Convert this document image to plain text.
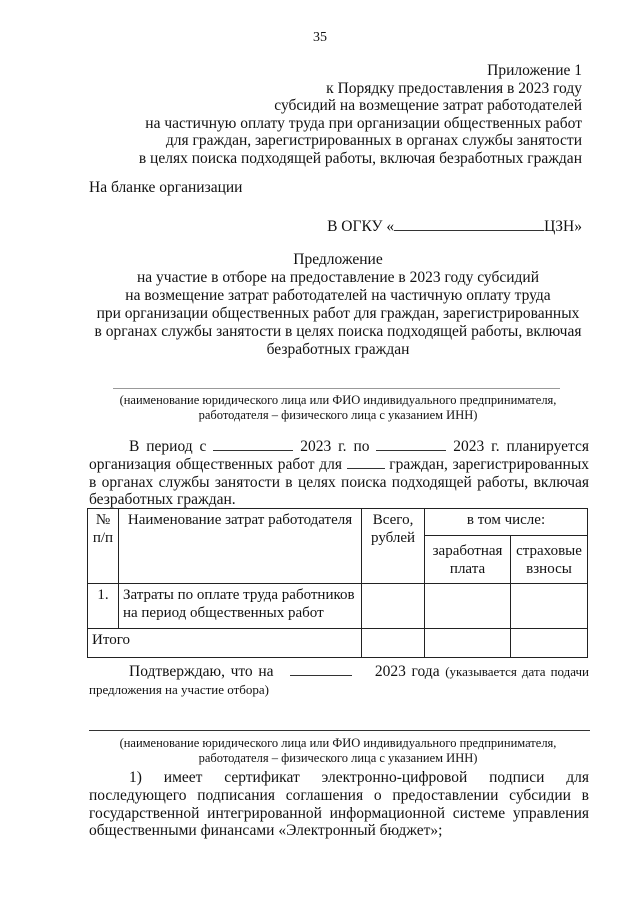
35
Приложение 1
к Порядку предоставления в 2023 году
субсидий на возмещение затрат работодателей
на частичную оплату труда при организации общественных работ
для граждан, зарегистрированных в органах службы занятости
в целях поиска подходящей работы, включая безработных граждан
На бланке организации
В ОГКУ «	ЦЗН»
Предложение
на участие в отборе на предоставление в 2023 году субсидий
на возмещение затрат работодателей на частичную оплату труда
при организации общественных работ для граждан, зарегистрированных
в органах службы занятости в целях поиска подходящей работы, включая
безработных граждан
(наименование юридического лица или ФИО индивидуального предпринимателя,
работодателя – физического лица с указанием ИНН)
В период с	2023 г. по	2023 г. планируется организация общественных работ для	граждан, зарегистрированных в органах службы занятости в целях поиска подходящей работы, включая безработных граждан.
№ п/п	Наименование затрат работодателя	Всего, рублей	в том числе:	
			заработная плата	страховые взносы
1.	Затраты по оплате труда работников на период общественных работ			
Итого				
Подтверждаю, что на	2023 года (указывается дата подачи предложения на участие отбора)
(наименование юридического лица или ФИО индивидуального предпринимателя,
работодателя – физического лица с указанием ИНН)
1) имеет сертификат электронно-цифровой подписи для последующего подписания соглашения о предоставлении субсидии в государственной интегрированной информационной системе управления общественными финансами «Электронный бюджет»;
